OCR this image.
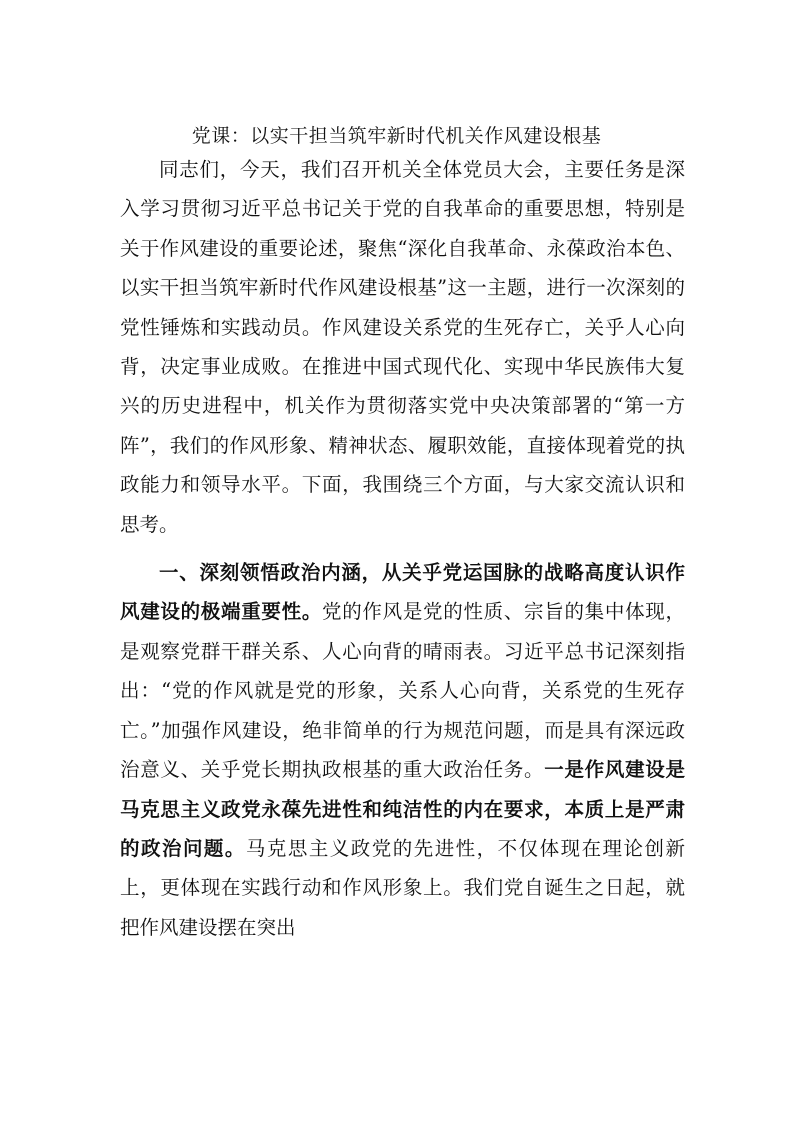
党课：以实干担当筑牢新时代机关作风建设根基

同志们，今天，我们召开机关全体党员大会，主要任务是深入学习贯彻习近平总书记关于党的自我革命的重要思想，特别是关于作风建设的重要论述，聚焦“深化自我革命、永葆政治本色、以实干担当筑牢新时代作风建设根基”这一主题，进行一次深刻的党性锤炼和实践动员。作风建设关系党的生死存亡，关乎人心向背，决定事业成败。在推进中国式现代化、实现中华民族伟大复兴的历史进程中，机关作为贯彻落实党中央决策部署的“第一方阵”，我们的作风形象、精神状态、履职效能，直接体现着党的执政能力和领导水平。下面，我围绕三个方面，与大家交流认识和思考。

一、深刻领悟政治内涵，从关乎党运国脉的战略高度认识作风建设的极端重要性。党的作风是党的性质、宗旨的集中体现，是观察党群干群关系、人心向背的晴雨表。习近平总书记深刻指出：“党的作风就是党的形象，关系人心向背，关系党的生死存亡。”加强作风建设，绝非简单的行为规范问题，而是具有深远政治意义、关乎党长期执政根基的重大政治任务。一是作风建设是马克思主义政党永葆先进性和纯洁性的内在要求，本质上是严肃的政治问题。马克思主义政党的先进性，不仅体现在理论创新上，更体现在实践行动和作风形象上。我们党自诞生之日起，就把作风建设摆在突出
